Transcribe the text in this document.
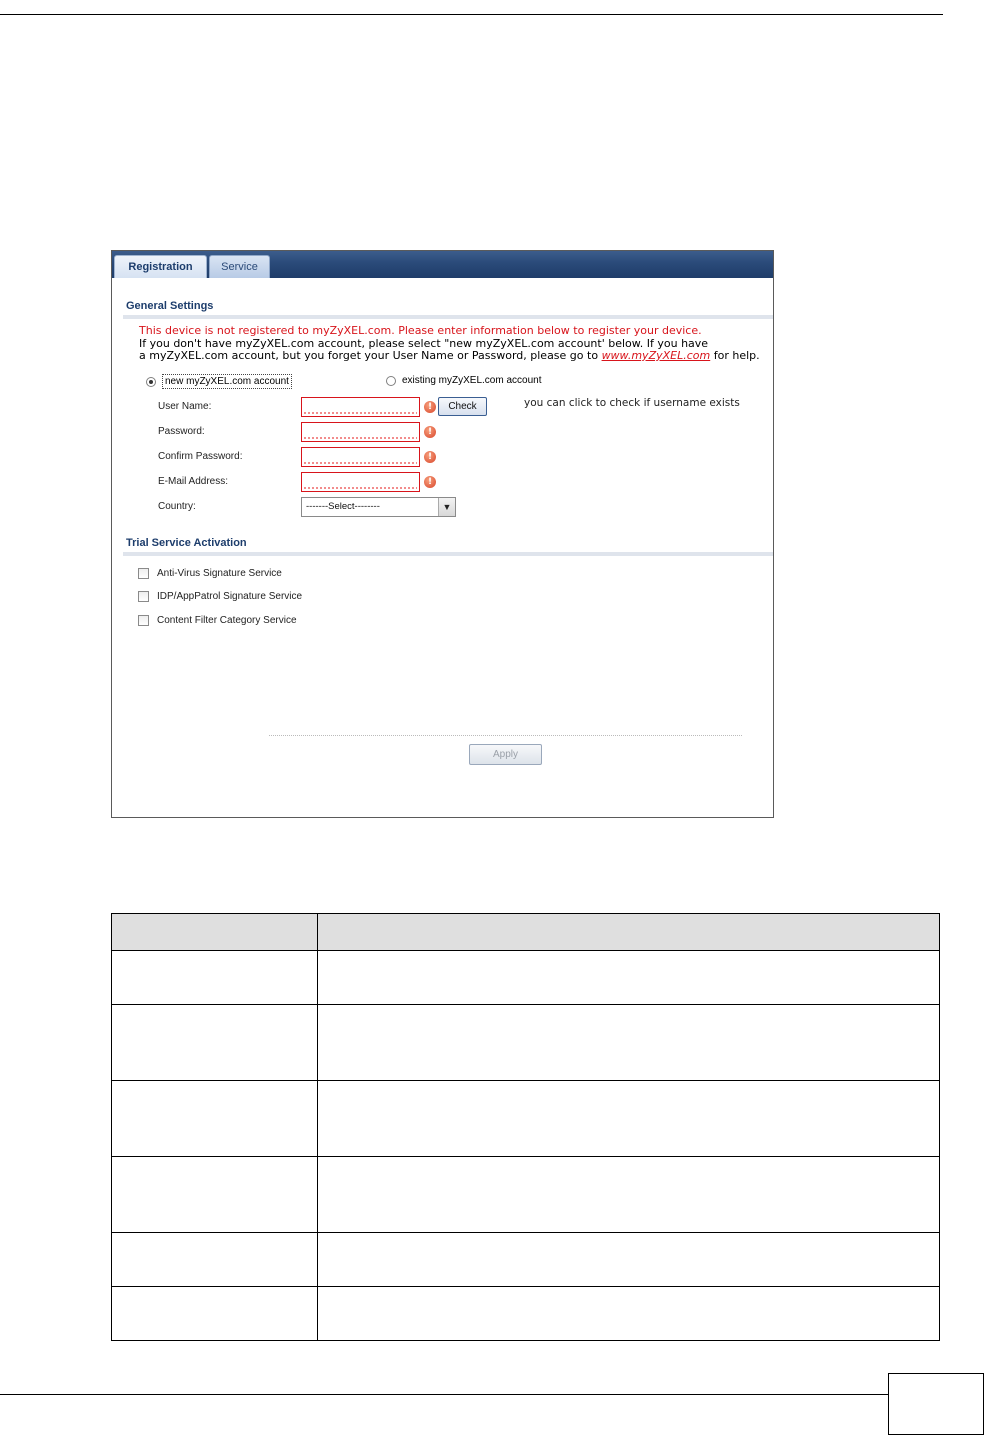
Registration	Service
General Settings
This device is not registered to myZyXEL.com. Please enter information below to register your device.
If you don't have myZyXEL.com account, please select "new myZyXEL.com account' below. If you have
a myZyXEL.com account, but you forget your User Name or Password, please go to www.myZyXEL.com for help.
new myZyXEL.com account	existing myZyXEL.com account
User Name:	!	Check	you can click to check if username exists
Password:	!
Confirm Password:	!
E-Mail Address:	!
Country:	-------Select--------	▼
Trial Service Activation
Anti-Virus Signature Service
IDP/AppPatrol Signature Service
Content Filter Category Service
Apply
